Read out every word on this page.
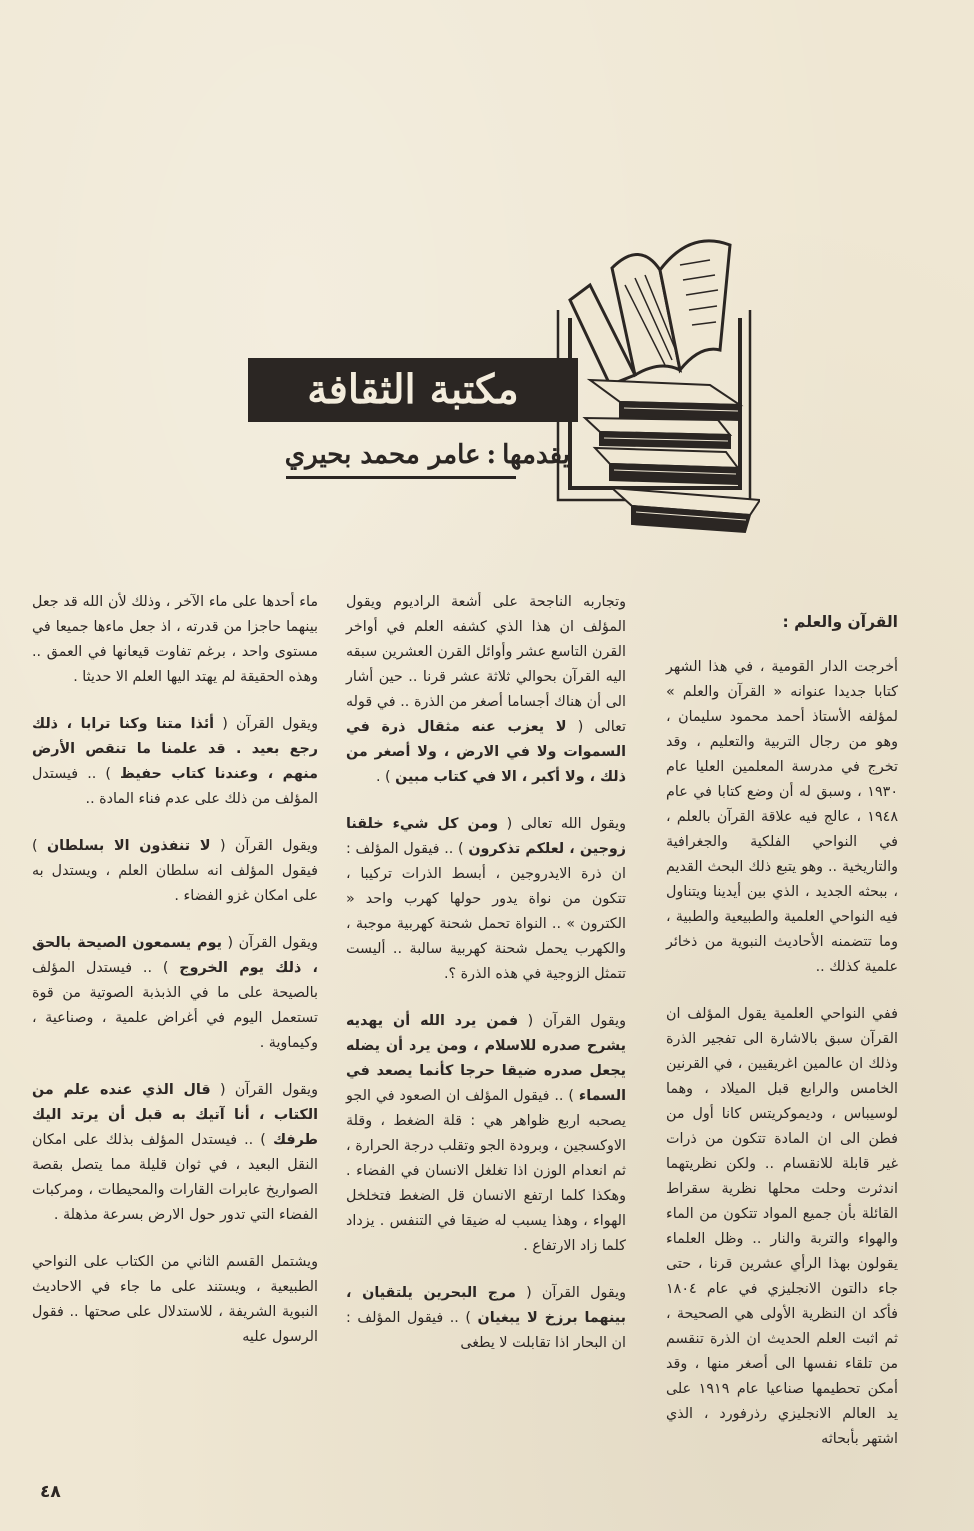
مكتبة الثقافة
يقدمها:عامر محمد بحيري

القرآن والعلم :

أخرجت الدار القومية ، في هذا الشهر كتابا جديدا عنوانه « القرآن والعلم » لمؤلفه الأستاذ أحمد محمود سليمان ، وهو من رجال التربية والتعليم ، وقد تخرج في مدرسة المعلمين العليا عام ١٩٣٠ ، وسبق له أن وضع كتابا في عام ١٩٤٨ ، عالج فيه علاقة القرآن بالعلم ، في النواحي الفلكية والجغرافية والتاريخية .. وهو يتبع ذلك البحث القديم ، ببحثه الجديد ، الذي بين أيدينا ويتناول فيه النواحي العلمية والطبيعية والطبية ، وما تتضمنه الأحاديث النبوية من ذخائر علمية كذلك ..

ففي النواحي العلمية يقول المؤلف ان القرآن سبق بالاشارة الى تفجير الذرة وذلك ان عالمين اغريقيين ، في القرنين الخامس والرابع قبل الميلاد ، وهما لوسيباس ، وديموكريتس كانا أول من فطن الى ان المادة تتكون من ذرات غير قابلة للانقسام .. ولكن نظريتهما اندثرت وحلت محلها نظرية سقراط القائلة بأن جميع المواد تتكون من الماء والهواء والتربة والنار .. وظل العلماء يقولون بهذا الرأي عشرين قرنا ، حتى جاء دالتون الانجليزي في عام ١٨٠٤ فأكد ان النظرية الأولى هي الصحيحة ، ثم اثبت العلم الحديث ان الذرة تنقسم من تلقاء نفسها الى أصغر منها ، وقد أمكن تحطيمها صناعيا عام ١٩١٩ على يد العالم الانجليزي رذرفورد ، الذي اشتهر بأبحاثه

وتجاربه الناجحة على أشعة الراديوم ويقول المؤلف ان هذا الذي كشفه العلم في أواخر القرن التاسع عشر وأوائل القرن العشرين سبقه اليه القرآن بحوالي ثلاثة عشر قرنا .. حين أشار الى أن هناك أجساما أصغر من الذرة .. في قوله تعالى ( لا يعزب عنه مثقال ذرة في السموات ولا في الارض ، ولا أصغر من ذلك ، ولا أكبر ، الا في كتاب مبين ) .

ويقول الله تعالى ( ومن كل شيء خلقنا زوجين ، لعلكم تذكرون ) .. فيقول المؤلف : ان ذرة الايدروجين ، أبسط الذرات تركيبا ، تتكون من نواة يدور حولها كهرب واحد « الكترون » .. النواة تحمل شحنة كهربية موجبة ، والكهرب يحمل شحنة كهربية سالبة .. أليست تتمثل الزوجية في هذه الذرة ؟.

ويقول القرآن ( فمن يرد الله أن يهديه يشرح صدره للاسلام ، ومن يرد أن يضله يجعل صدره ضيقا حرجا كأنما يصعد في السماء ) .. فيقول المؤلف ان الصعود في الجو يصحبه اربع ظواهر هي : قلة الضغط ، وقلة الاوكسجين ، وبرودة الجو وتقلب درجة الحرارة ، ثم انعدام الوزن اذا تغلغل الانسان في الفضاء . وهكذا كلما ارتفع الانسان قل الضغط فتخلخل الهواء ، وهذا يسبب له ضيقا في التنفس . يزداد كلما زاد الارتفاع .

ويقول القرآن ( مرج البحرين يلتقيان ، بينهما برزخ لا يبغيان ) .. فيقول المؤلف : ان البحار اذا تقابلت لا يطغى

ماء أحدها على ماء الآخر ، وذلك لأن الله قد جعل بينهما حاجزا من قدرته ، اذ جعل ماءها جميعا في مستوى واحد ، برغم تفاوت قيعانها في العمق .. وهذه الحقيقة لم يهتد اليها العلم الا حديثا .

ويقول القرآن ( أئذا متنا وكنا ترابا ، ذلك رجع بعيد . قد علمنا ما تنقص الأرض منهم ، وعندنا كتاب حفيظ ) .. فيستدل المؤلف من ذلك على عدم فناء المادة ..

ويقول القرآن ( لا تنفذون الا بسلطان ) فيقول المؤلف انه سلطان العلم ، ويستدل به على امكان غزو الفضاء .

ويقول القرآن ( يوم يسمعون الصيحة بالحق ، ذلك يوم الخروج ) .. فيستدل المؤلف بالصيحة على ما في الذبذبة الصوتية من قوة تستعمل اليوم في أغراض علمية ، وصناعية ، وكيماوية .

ويقول القرآن ( قال الذي عنده علم من الكتاب ، أنا آتيك به قبل أن يرتد اليك طرفك ) .. فيستدل المؤلف بذلك على امكان النقل البعيد ، في ثوان قليلة مما يتصل بقصة الصواريخ عابرات القارات والمحيطات ، ومركبات الفضاء التي تدور حول الارض بسرعة مذهلة .

ويشتمل القسم الثاني من الكتاب على النواحي الطبيعية ، ويستند على ما جاء في الاحاديث النبوية الشريفة ، للاستدلال على صحتها .. فقول الرسول عليه

٤٨
